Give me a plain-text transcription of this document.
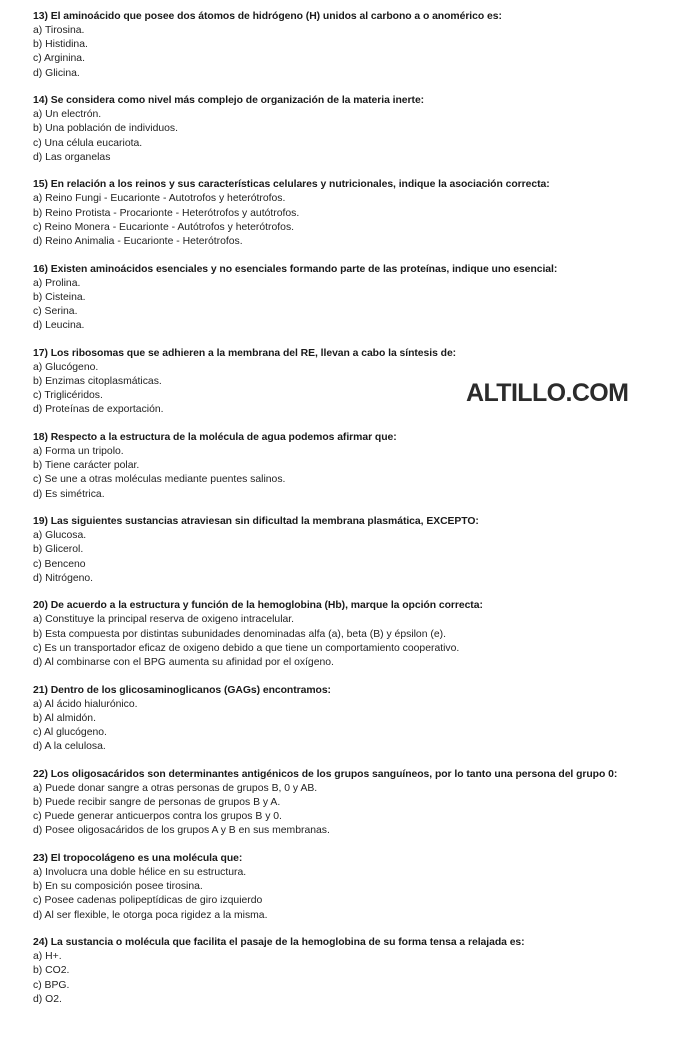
13) El aminoácido que posee dos átomos de hidrógeno (H) unidos al carbono a o anomérico es:
a) Tirosina.
b) Histidina.
c) Arginina.
d) Glicina.
14) Se considera como nivel más complejo de organización de la materia inerte:
a) Un electrón.
b) Una población de individuos.
c) Una célula eucariota.
d) Las organelas
15) En relación a los reinos y sus características celulares y nutricionales, indique la asociación correcta:
a) Reino Fungi - Eucarionte - Autotrofos y heterótrofos.
b) Reino Protista - Procarionte - Heterótrofos y autótrofos.
c) Reino Monera - Eucarionte - Autótrofos y heterótrofos.
d) Reino Animalia - Eucarionte - Heterótrofos.
16) Existen aminoácidos esenciales y no esenciales formando parte de las proteínas, indique uno esencial:
a) Prolina.
b) Cisteina.
c) Serina.
d) Leucina.
17) Los ribosomas que se adhieren a la membrana del RE, llevan a cabo la síntesis de:
a) Glucógeno.
b) Enzimas citoplasmáticas.
c) Triglicéridos.
d) Proteínas de exportación.
18) Respecto a la estructura de la molécula de agua podemos afirmar que:
a) Forma un tripolo.
b) Tiene carácter polar.
c) Se une a otras moléculas mediante puentes salinos.
d) Es simétrica.
19) Las siguientes sustancias atraviesan sin dificultad la membrana plasmática, EXCEPTO:
a) Glucosa.
b) Glicerol.
c) Benceno
d) Nitrógeno.
20) De acuerdo a la estructura y función de la hemoglobina (Hb), marque la opción correcta:
a) Constituye la principal reserva de oxigeno intracelular.
b) Esta compuesta por distintas subunidades denominadas alfa (a), beta (B) y épsilon (e).
c) Es un transportador eficaz de oxigeno debido a que tiene un comportamiento cooperativo.
d) Al combinarse con el BPG aumenta su afinidad por el oxígeno.
21) Dentro de los glicosaminoglicanos (GAGs) encontramos:
a) Al ácido hialurónico.
b) Al almidón.
c) Al glucógeno.
d) A la celulosa.
22) Los oligosacáridos son determinantes antigénicos de los grupos sanguíneos, por lo tanto una persona del grupo 0:
a) Puede donar sangre a otras personas de grupos B, 0 y AB.
b) Puede recibir sangre de personas de grupos B y A.
c) Puede generar anticuerpos contra los grupos B y 0.
d) Posee oligosacáridos de los grupos A y B en sus membranas.
23) El tropocolágeno es una molécula que:
a) Involucra una doble hélice en su estructura.
b) En su composición posee tirosina.
c) Posee cadenas polipeptídicas de giro izquierdo
d) Al ser flexible, le otorga poca rigidez a la misma.
24) La sustancia o molécula que facilita el pasaje de la hemoglobina de su forma tensa a relajada es:
a) H+.
b) CO2.
c) BPG.
d) O2.
ALTILLO.COM
